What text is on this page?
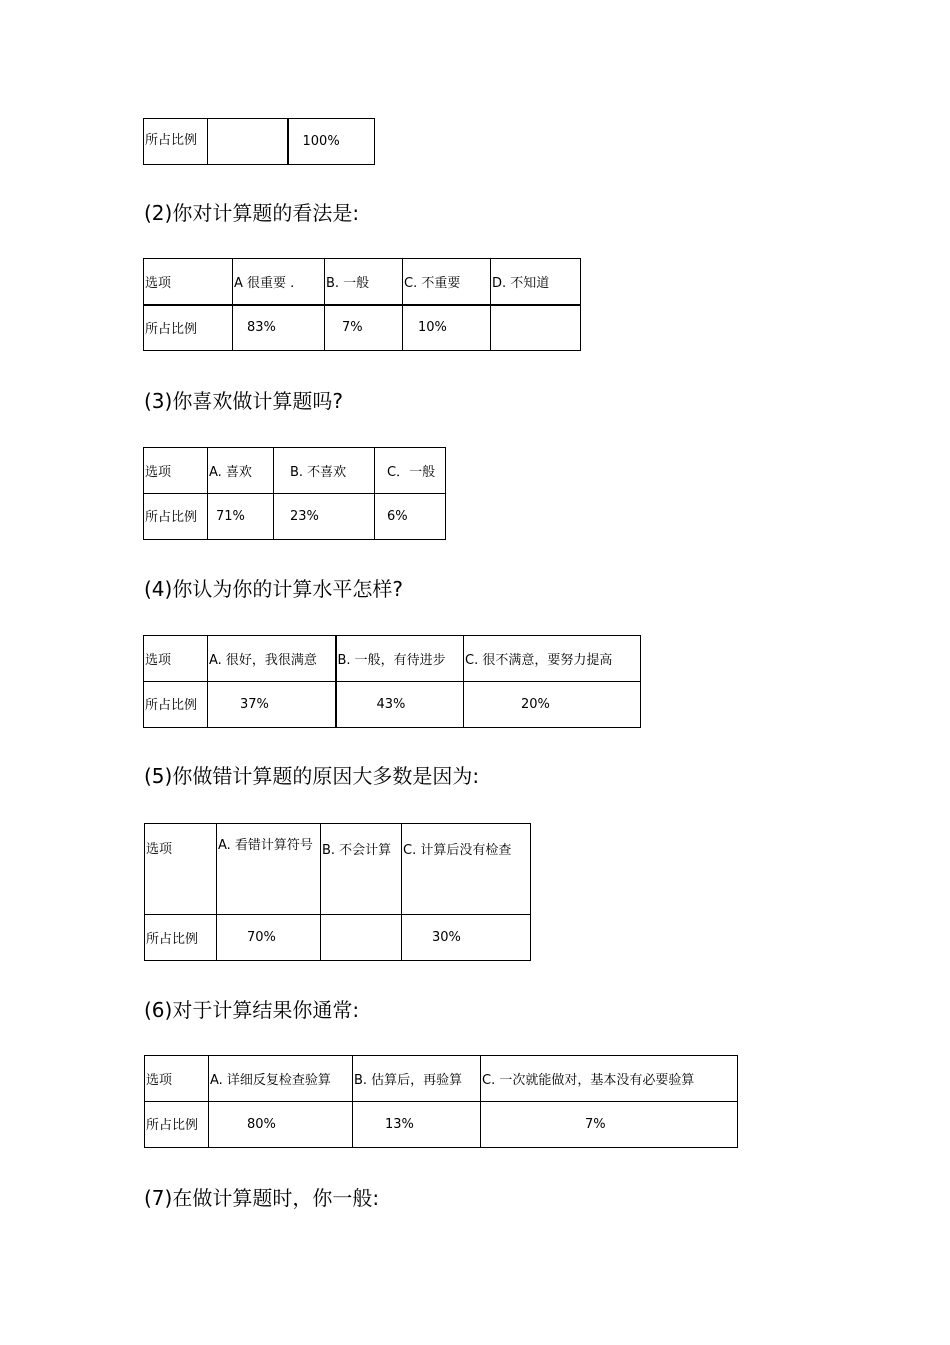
所占比例		100%
(2)你对计算题的看法是:
选项	A 很重要 .	B. 一般	C. 不重要	D. 不知道
所占比例	83%	7%	10%	
(3)你喜欢做计算题吗?
选项	A. 喜欢	B. 不喜欢	C．一般
所占比例	71%	23%	6%
(4)你认为你的计算水平怎样?
选项	A. 很好，我很满意	B. 一般，有待进步	C. 很不满意，要努力提高
所占比例	37%	43%	20%
(5)你做错计算题的原因大多数是因为:
选项	A. 看错计算符号	B. 不会计算	C. 计算后没有检查
所占比例	70%		30%
(6)对于计算结果你通常:
选项	A. 详细反复检查验算	B. 估算后，再验算	C. 一次就能做对，基本没有必要验算
所占比例	80%	13%	7%
(7)在做计算题时，你一般:
